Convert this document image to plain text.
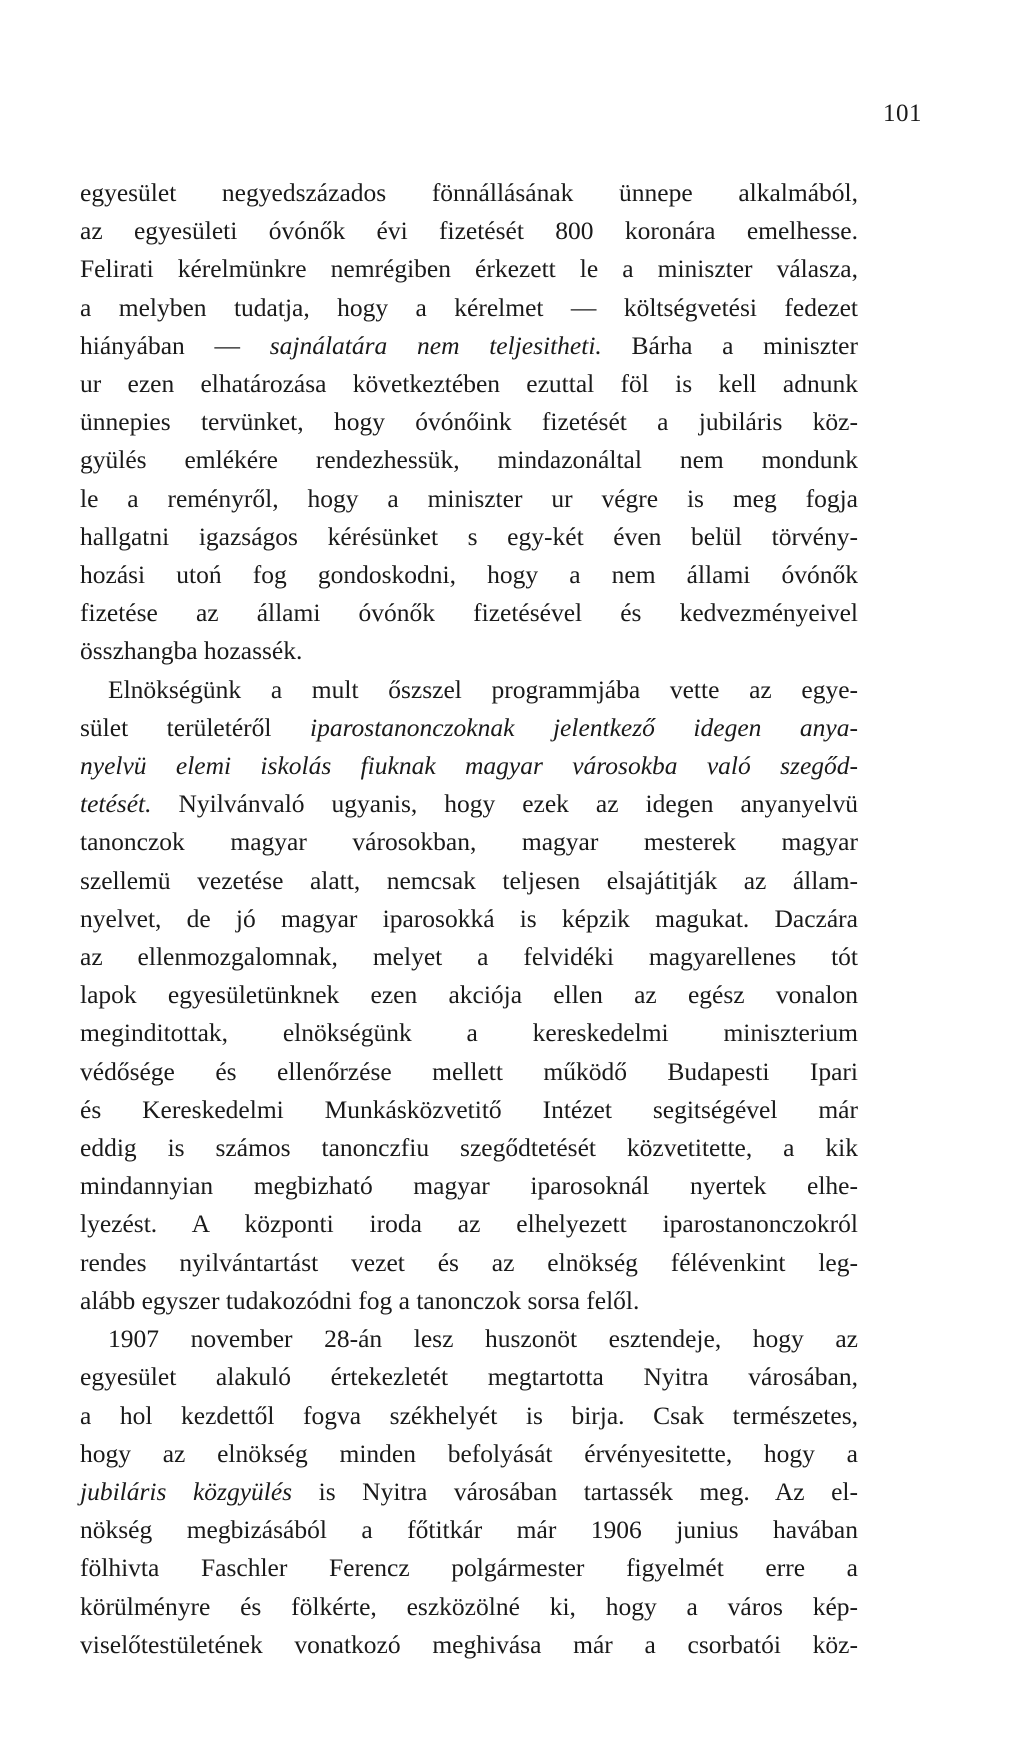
101
egyesület negyedszázados fönnállásának ünnepe alkalmából,
az egyesületi óvónők évi fizetését 800 koronára emelhesse.
Felirati kérelmünkre nemrégiben érkezett le a miniszter válasza,
a melyben tudatja, hogy a kérelmet — költségvetési fedezet
hiányában — sajnálatára nem teljesitheti. Bárha a miniszter
ur ezen elhatározása következtében ezuttal föl is kell adnunk
ünnepies tervünket, hogy óvónőink fizetését a jubiláris köz-
gyülés emlékére rendezhessük, mindazonáltal nem mondunk
le a reményről, hogy a miniszter ur végre is meg fogja
hallgatni igazságos kérésünket s egy-két éven belül törvény-
hozási utoń fog gondoskodni, hogy a nem állami óvónők
fizetése az állami óvónők fizetésével és kedvezményeivel
összhangba hozassék.
Elnökségünk a mult őszszel programmjába vette az egye-
sület területéről iparostanonczoknak jelentkező idegen anya-
nyelvü elemi iskolás fiuknak magyar városokba való szegőd-
tetését. Nyilvánvaló ugyanis, hogy ezek az idegen anyanyelvü
tanonczok magyar városokban, magyar mesterek magyar
szellemü vezetése alatt, nemcsak teljesen elsajátitják az állam-
nyelvet, de jó magyar iparosokká is képzik magukat. Daczára
az ellenmozgalomnak, melyet a felvidéki magyarellenes tót
lapok egyesületünknek ezen akciója ellen az egész vonalon
meginditottak, elnökségünk a kereskedelmi miniszterium
védősége és ellenőrzése mellett működő Budapesti Ipari
és Kereskedelmi Munkásközvetitő Intézet segitségével már
eddig is számos tanonczfiu szegődtetését közvetitette, a kik
mindannyian megbizható magyar iparosoknál nyertek elhe-
lyezést. A központi iroda az elhelyezett iparostanonczokról
rendes nyilvántartást vezet és az elnökség félévenkint leg-
alább egyszer tudakozódni fog a tanonczok sorsa felől.
1907 november 28-án lesz huszonöt esztendeje, hogy az
egyesület alakuló értekezletét megtartotta Nyitra városában,
a hol kezdettől fogva székhelyét is birja. Csak természetes,
hogy az elnökség minden befolyását érvényesitette, hogy a
jubiláris közgyülés is Nyitra városában tartassék meg. Az el-
nökség megbizásából a főtitkár már 1906 junius havában
fölhivta Faschler Ferencz polgármester figyelmét erre a
körülményre és fölkérte, eszközölné ki, hogy a város kép-
viselőtestületének vonatkozó meghivása már a csorbatói köz-
